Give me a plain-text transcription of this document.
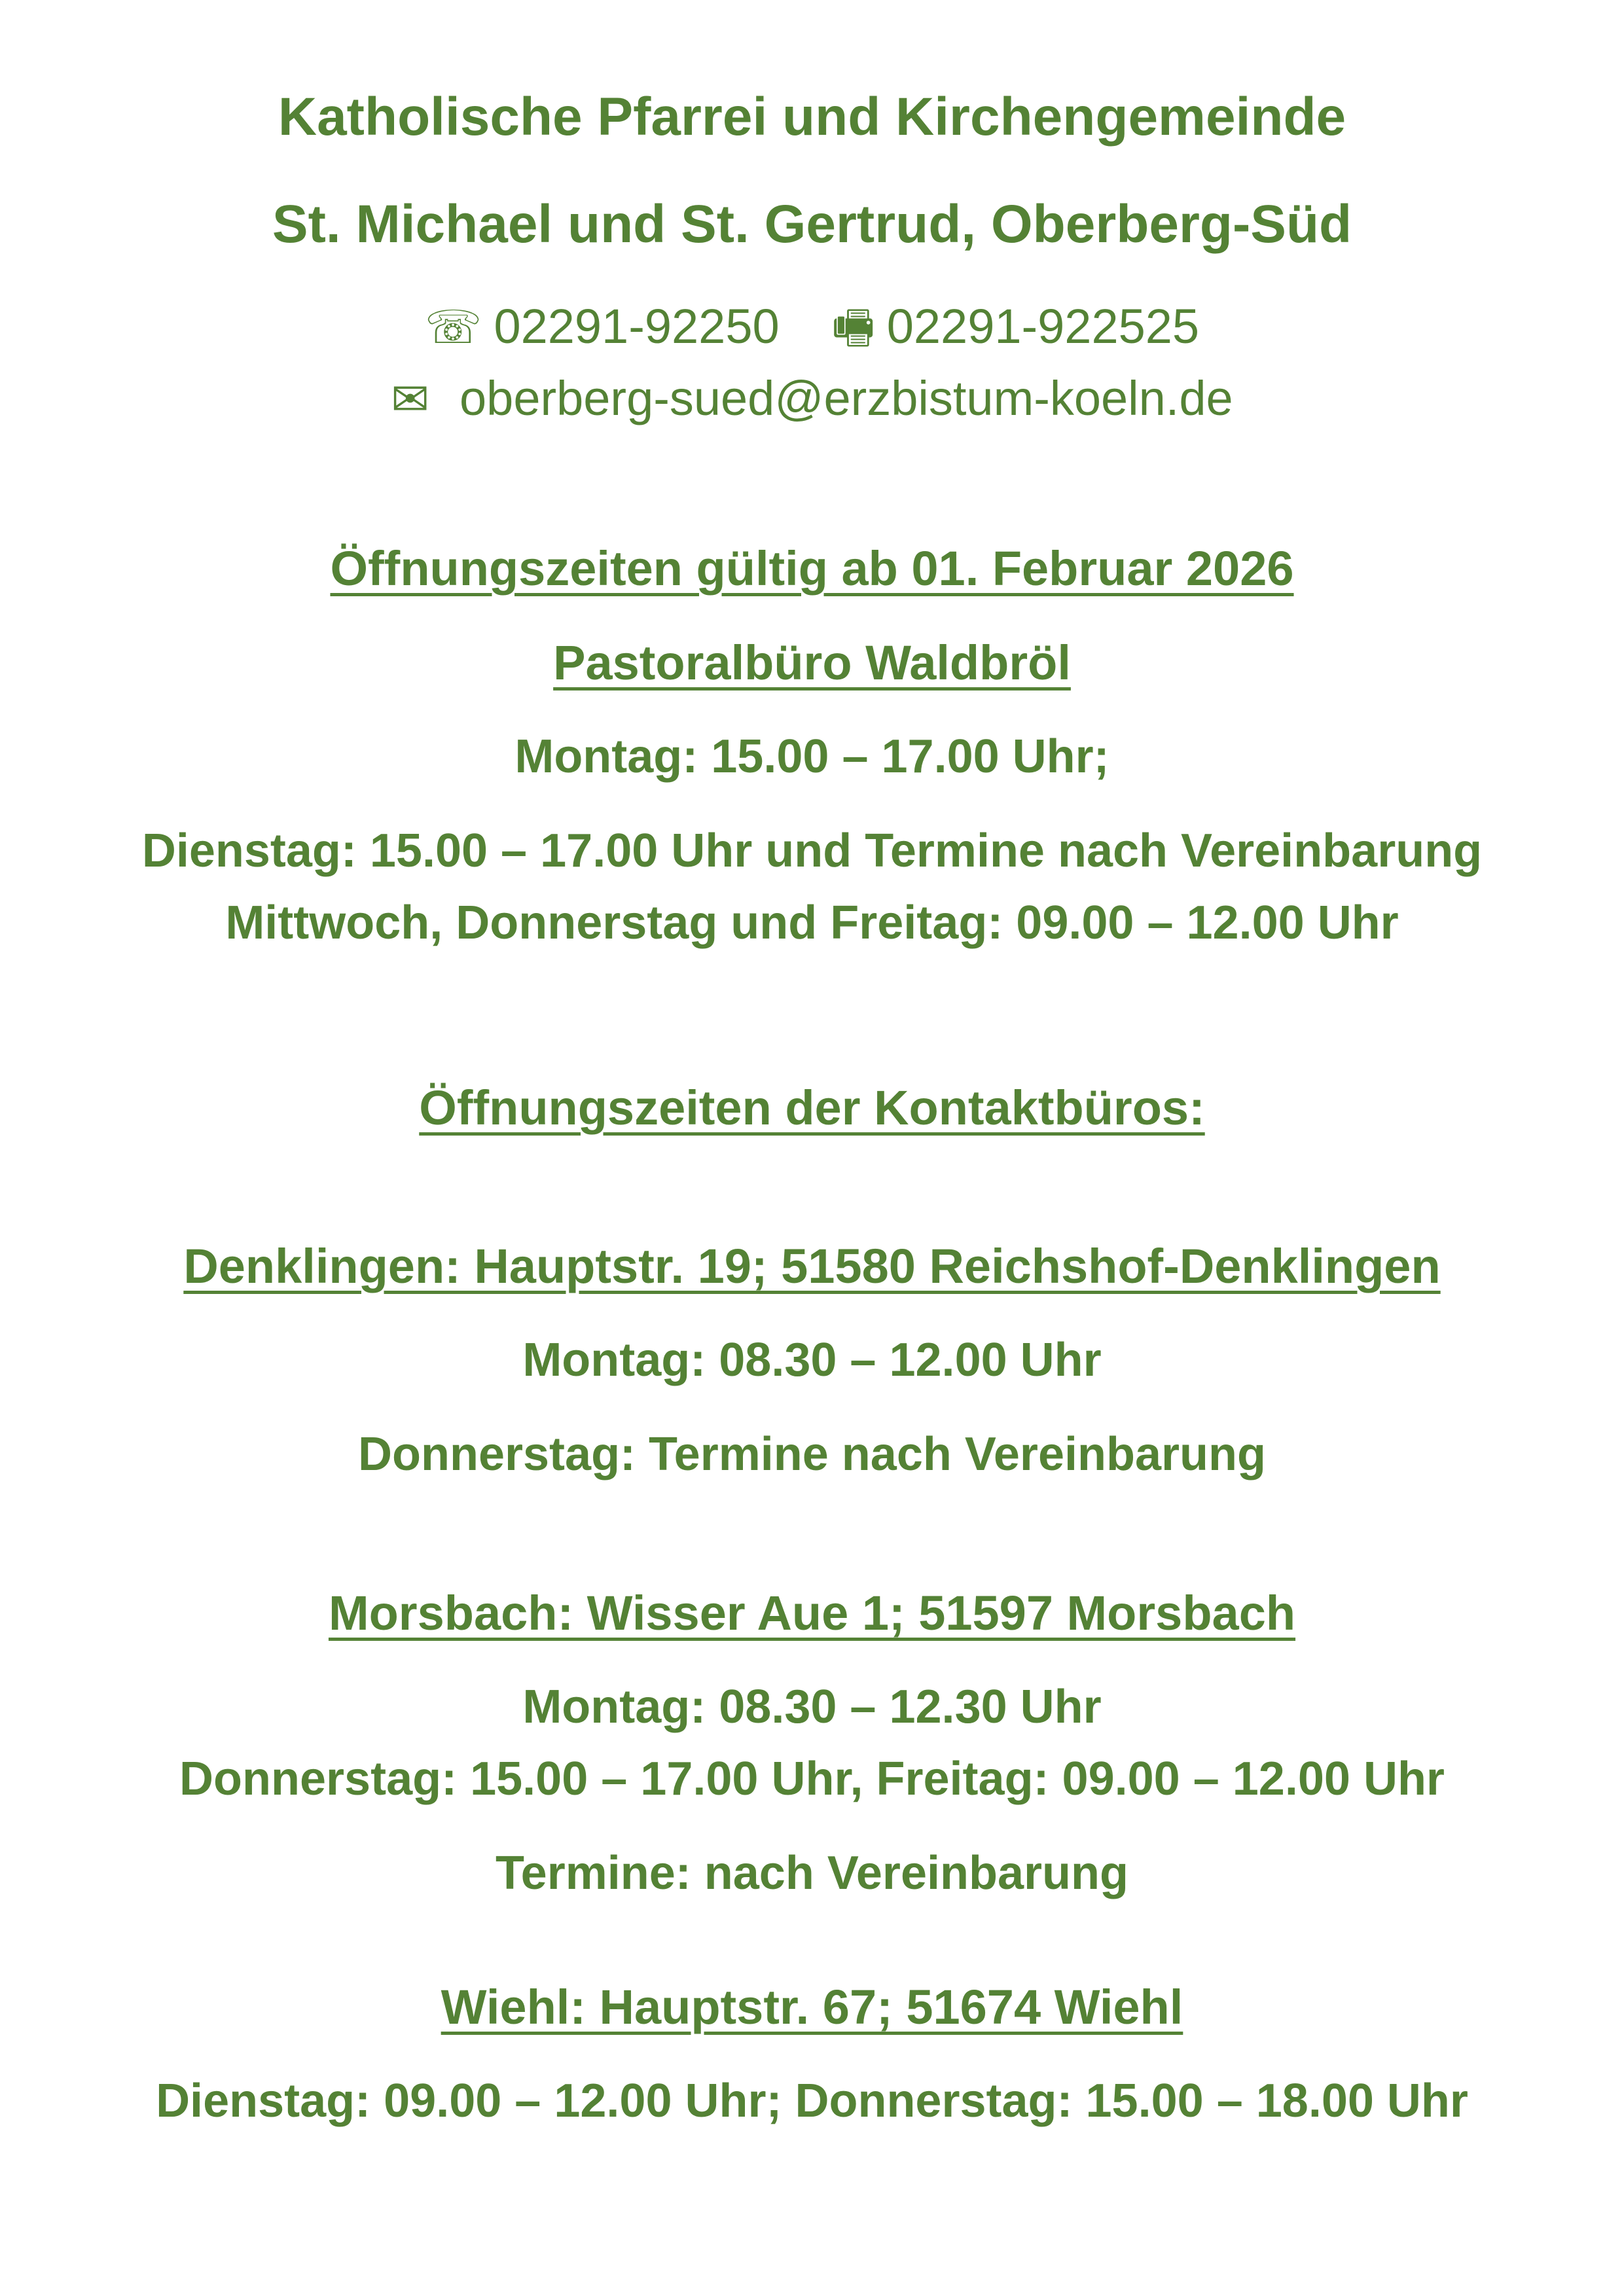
Katholische Pfarrei und Kirchengemeinde
St. Michael und St. Gertrud, Oberberg-Süd
☏ 02291-92250 🖷 02291-922525
✉ oberberg-sued@erzbistum-koeln.de
Öffnungszeiten gültig ab 01. Februar 2026
Pastoralbüro Waldbröl
Montag: 15.00 – 17.00 Uhr;
Dienstag: 15.00 – 17.00 Uhr und Termine nach Vereinbarung
Mittwoch, Donnerstag und Freitag: 09.00 – 12.00 Uhr
Öffnungszeiten der Kontaktbüros:
Denklingen: Hauptstr. 19; 51580 Reichshof-Denklingen
Montag: 08.30 – 12.00 Uhr
Donnerstag: Termine nach Vereinbarung
Morsbach: Wisser Aue 1; 51597 Morsbach
Montag: 08.30 – 12.30 Uhr
Donnerstag: 15.00 – 17.00 Uhr, Freitag: 09.00 – 12.00 Uhr
Termine: nach Vereinbarung
Wiehl: Hauptstr. 67; 51674 Wiehl
Dienstag: 09.00 – 12.00 Uhr; Donnerstag: 15.00 – 18.00 Uhr
